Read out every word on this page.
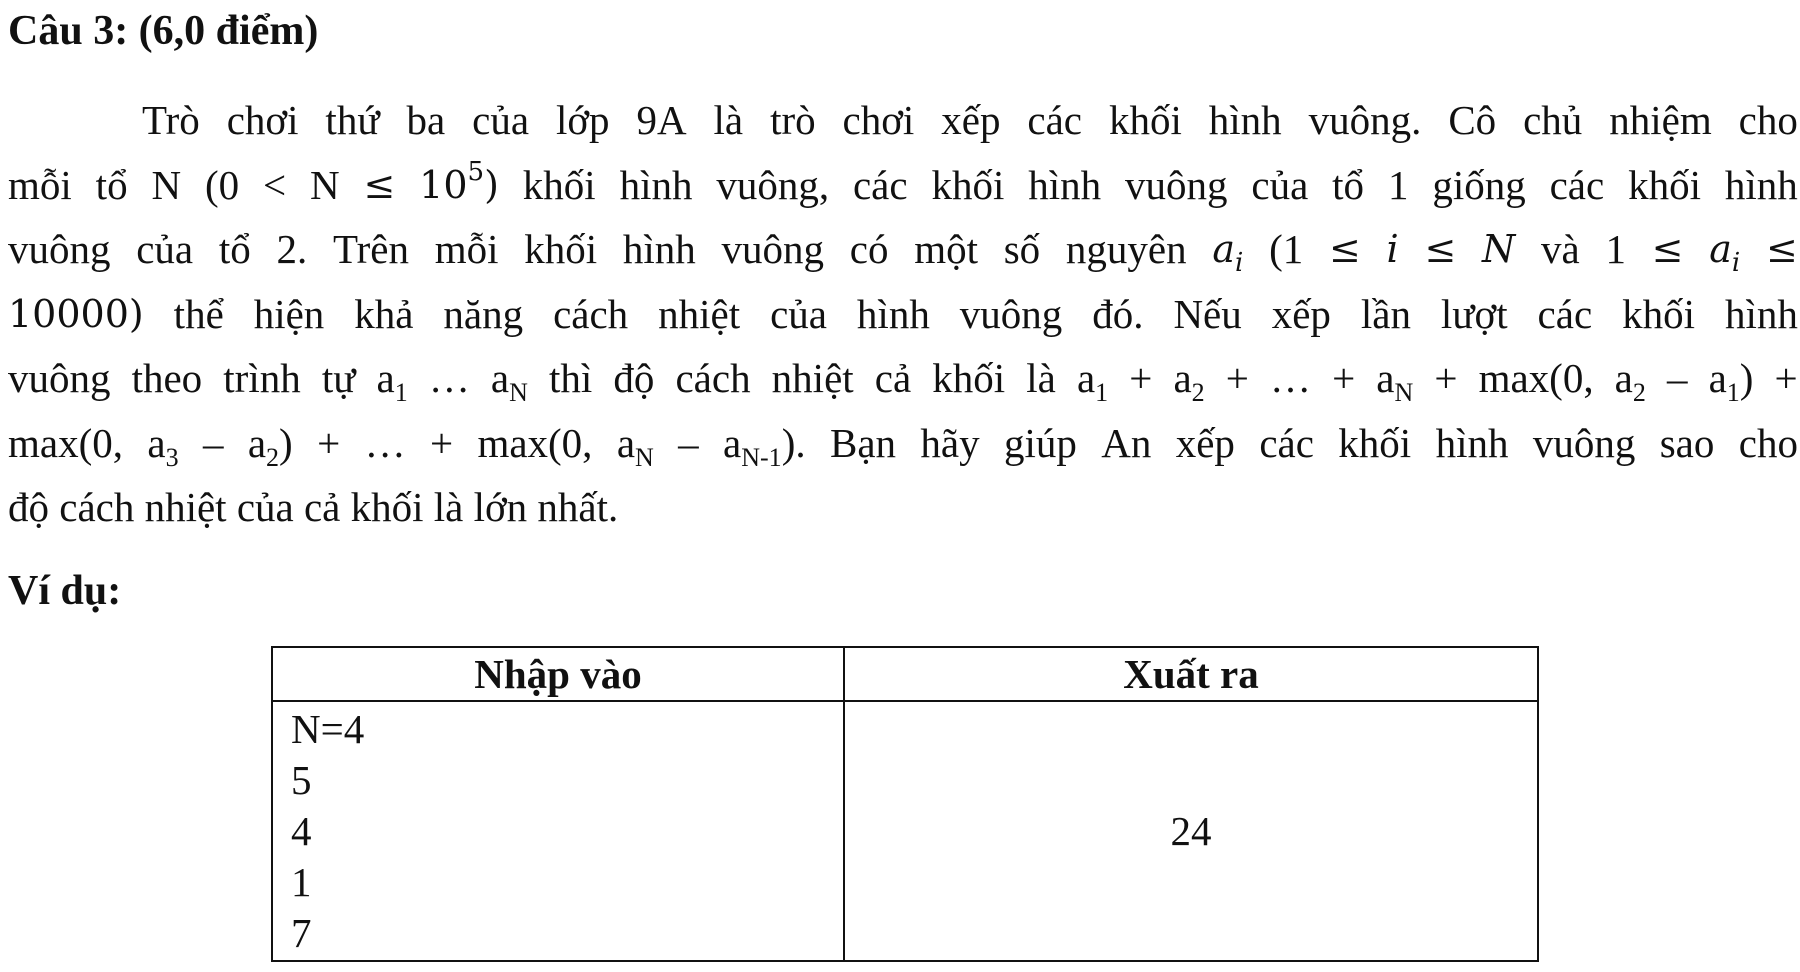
Câu 3: (6,0 điểm)
Trò chơi thứ ba của lớp 9A là trò chơi xếp các khối hình vuông. Cô chủ nhiệm cho
mỗi tổ N $(0 < N \le 10^5)$ khối hình vuông, các khối hình vuông của tổ 1 giống các khối hình
vuông của tổ 2. Trên mỗi khối hình vuông có một số nguyên $a_i$ (1 ≤ i ≤ N và $1 \le a_i$ ≤
10000) thể hiện khả năng cách nhiệt của hình vuông đó. Nếu xếp lần lượt các khối hình
vuông theo trình tự $a_1$ … $a_N$ thì độ cách nhiệt cả khối là $a_1 + a_2$ + … + $a_N + \max(0$, $a_2 - a_1$) +
max(0, $a_3 - a_2$) + … + max(0, $a_N - a_{N-1}$). Bạn hãy giúp An xếp các khối hình vuông sao cho
độ cách nhiệt của cả khối là lớn nhất.
Ví dụ:
Nhập vào	Xuất ra

N=4
5
4
1
7	24
